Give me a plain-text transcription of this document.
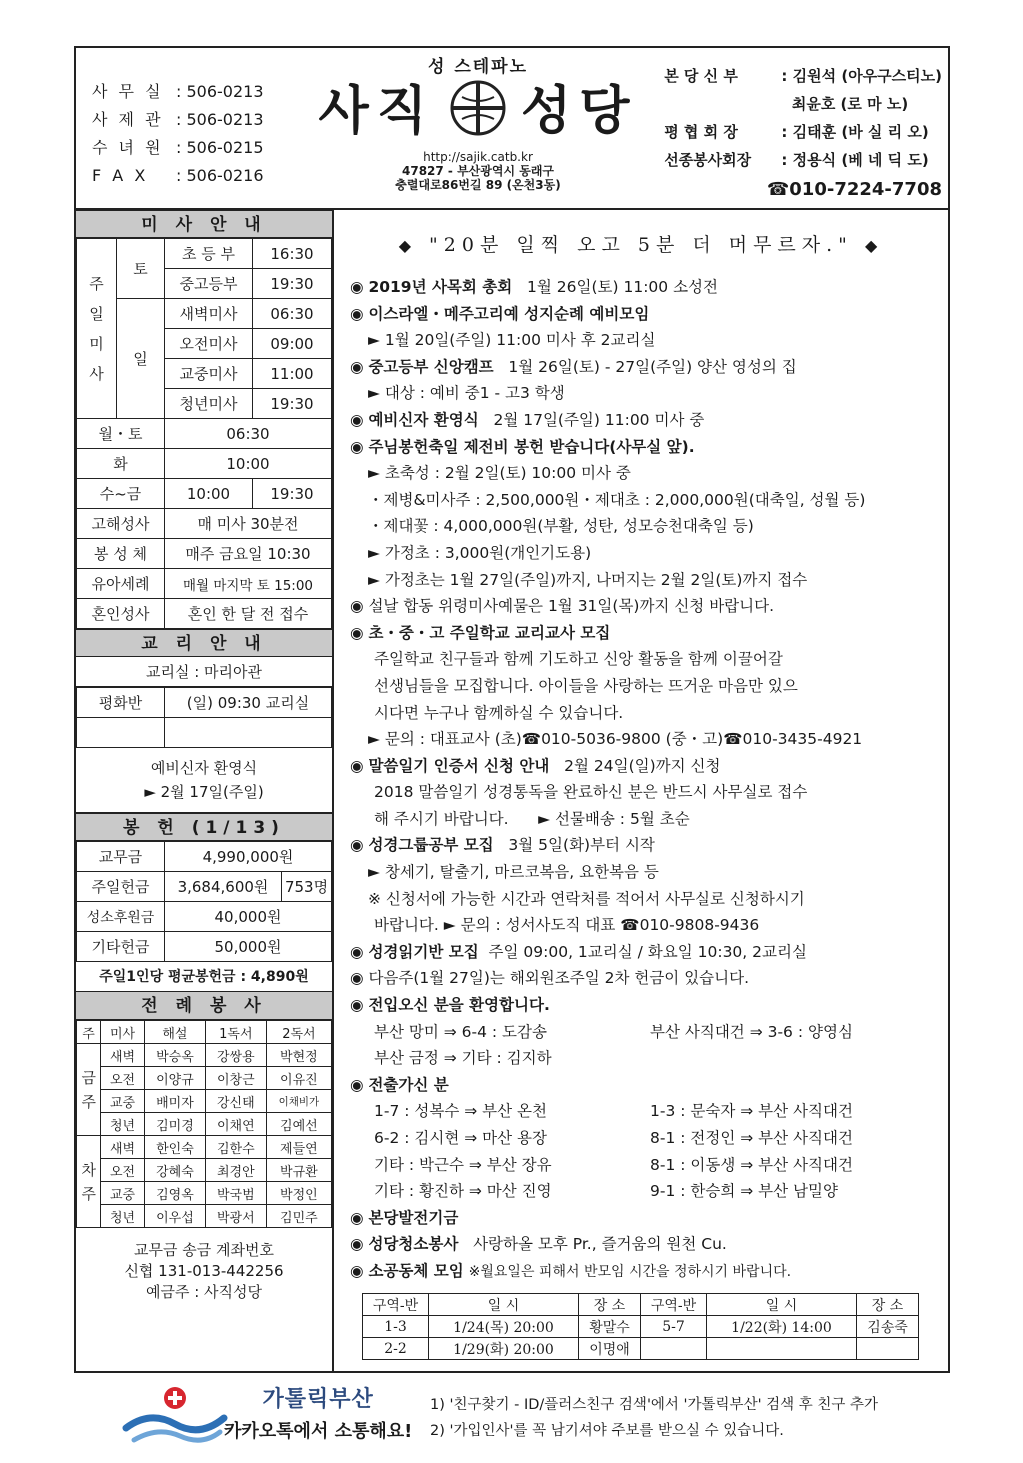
사 무 실 : 506-0213
사 제 관 : 506-0213
수 녀 원 : 506-0215
F A X : 506-0216
성 스테파노
사직 성당
http://sajik.catb.kr
47827 - 부산광역시 동래구
충렬대로86번길 89 (온천3동)
본 당 신 부	: 김원석 (아우구스티노)
최윤호 (로 마 노)
평 협 회 장	: 김태훈 (바 실 리 오)
선종봉사회장 : 정용식 (베 네 딕 도)
☎010-7224-7708
미 사 안 내
주 일 미 사	토	초 등 부	16:30
		중고등부	19:30
	일	새벽미사	06:30
		오전미사	09:00
		교중미사	11:00
		청년미사	19:30
월・토		06:30	
화		10:00	
수~금		10:00	19:30
고해성사		매 미사 30분전	
봉 성 체		매주 금요일 10:30	
유아세례		매월 마지막 토 15:00	
혼인성사		혼인 한 달 전 접수	
교 리 안 내
교리실 : 마리아관
평화반	(일) 09:30 교리실

예비신자 환영식
► 2월 17일(주일)
봉 헌 (1/13)
교무금	4,990,000원	
주일헌금	3,684,600원	753명
성소후원금	40,000원	
기타헌금	50,000원	
주일1인당 평균봉헌금 : 4,890원
전 례 봉 사
주	미사	해설	1독서	2독서

금 주	새벽	박승옥	강쌍용	박현정
	오전	이양규	이창근	이유진
	교중	배미자	강신태	이채비가
	청년	김미경	이채연	김예선

차 주	새벽	한인숙	김한수	제들연
	오전	강혜숙	최경안	박규환
	교중	김영옥	박국범	박정인
	청년	이우섭	박광서	김민주
교무금 송금 계좌번호
신협 131-013-442256
예금주 : 사직성당
◆ "20분 일찍 오고 5분 더 머무르자." ◆
◉ 2019년 사목회 총회 1월 26일(토) 11:00 소성전
◉ 이스라엘・메주고리예 성지순례 예비모임
► 1월 20일(주일) 11:00 미사 후 2교리실
◉ 중고등부 신앙캠프 1월 26일(토) - 27일(주일) 양산 영성의 집
► 대상 : 예비 중1 - 고3 학생
◉ 예비신자 환영식 2월 17일(주일) 11:00 미사 중
◉ 주님봉헌축일 제전비 봉헌 받습니다(사무실 앞).
► 초축성 : 2월 2일(토) 10:00 미사 중
・제병&미사주 : 2,500,000원・제대초 : 2,000,000원(대축일, 성월 등)
・제대꽃 : 4,000,000원(부활, 성탄, 성모승천대축일 등)
► 가정초 : 3,000원(개인기도용)
► 가정초는 1월 27일(주일)까지, 나머지는 2월 2일(토)까지 접수
◉ 설날 합동 위령미사예물은 1월 31일(목)까지 신청 바랍니다.
◉ 초・중・고 주일학교 교리교사 모집
주일학교 친구들과 함께 기도하고 신앙 활동을 함께 이끌어갈
선생님들을 모집합니다. 아이들을 사랑하는 뜨거운 마음만 있으
시다면 누구나 함께하실 수 있습니다.
► 문의 : 대표교사 (초)☎010-5036-9800 (중・고)☎010-3435-4921
◉ 말씀일기 인증서 신청 안내 2월 24일(일)까지 신청
2018 말씀일기 성경통독을 완료하신 분은 반드시 사무실로 접수
해 주시기 바랍니다. ► 선물배송 : 5월 초순
◉ 성경그룹공부 모집 3월 5일(화)부터 시작
► 창세기, 탈출기, 마르코복음, 요한복음 등
※ 신청서에 가능한 시간과 연락처를 적어서 사무실로 신청하시기
바랍니다. ► 문의 : 성서사도직 대표 ☎010-9808-9436
◉ 성경읽기반 모집 주일 09:00, 1교리실 / 화요일 10:30, 2교리실
◉ 다음주(1월 27일)는 해외원조주일 2차 헌금이 있습니다.
◉ 전입오신 분을 환영합니다.
부산 망미 ⇒ 6-4 : 도감송	부산 사직대건 ⇒ 3-6 : 양영심
부산 금정 ⇒ 기타 : 김지하
◉ 전출가신 분
1-7 : 성복수 ⇒ 부산 온천	1-3 : 문숙자 ⇒ 부산 사직대건
6-2 : 김시현 ⇒ 마산 용장	8-1 : 전정인 ⇒ 부산 사직대건
기타 : 박근수 ⇒ 부산 장유	8-1 : 이동생 ⇒ 부산 사직대건
기타 : 황진하 ⇒ 마산 진영	9-1 : 한승희 ⇒ 부산 남밀양
◉ 본당발전기금
◉ 성당청소봉사 사랑하올 모후 Pr., 즐거움의 원천 Cu.
◉ 소공동체 모임 ※월요일은 피해서 반모임 시간을 정하시기 바랍니다.
구역-반	일 시	장 소	구역-반	일 시	장 소
1-3	1/24(목) 20:00	황말수	5-7	1/22(화) 14:00	김송죽
2-2	1/29(화) 20:00	이명애			
가톨릭부산
카카오톡에서 소통해요!
1) '친구찾기 - ID/플러스친구 검색'에서 '가톨릭부산' 검색 후 친구 추가
2) '가입인사'를 꼭 남기셔야 주보를 받으실 수 있습니다.
